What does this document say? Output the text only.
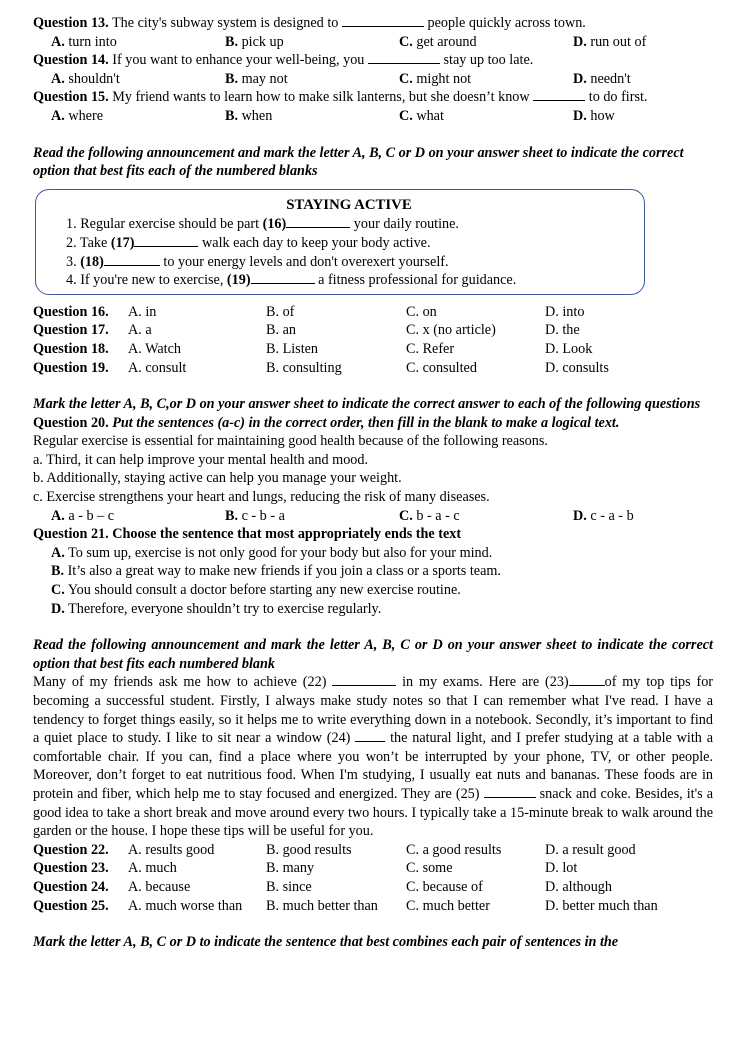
Question 13. The city's subway system is designed to	people quickly across town.
A. turn into	B. pick up	C. get around	D. run out of
Question 14. If you want to enhance your well-being, you	stay up too late.
A. shouldn't	B. may not	C. might not	D. needn't
Question 15. My friend wants to learn how to make silk lanterns, but she doesn’t know	to do first.
A. where	B. when	C. what	D. how
Read the following announcement and mark the letter A, B, C or D on your answer sheet to indicate the correct option that best fits each of the numbered blanks
STAYING ACTIVE
1. Regular exercise should be part (16)	your daily routine.
2. Take (17)	walk each day to keep your body active.
3. (18)	to your energy levels and don't overexert yourself.
4. If you're new to exercise, (19)	a fitness professional for guidance.
Question 16.	A. in	B. of	C. on	D. into
Question 17.	A. a	B. an	C. x (no article)	D. the
Question 18.	A. Watch	B. Listen	C. Refer	D. Look
Question 19.	A. consult	B. consulting	C. consulted	D. consults
Mark the letter A, B, C,or D on your answer sheet to indicate the correct answer to each of the following questions
Question 20. Put the sentences (a-c) in the correct order, then fill in the blank to make a logical text.
Regular exercise is essential for maintaining good health because of the following reasons.
a. Third, it can help improve your mental health and mood.
b. Additionally, staying active can help you manage your weight.
c. Exercise strengthens your heart and lungs, reducing the risk of many diseases.
A. a - b – c	B. c - b - a	C. b - a - c	D. c - a - b
Question 21. Choose the sentence that most appropriately ends the text
A. To sum up, exercise is not only good for your body but also for your mind.
B. It’s also a great way to make new friends if you join a class or a sports team.
C. You should consult a doctor before starting any new exercise routine.
D. Therefore, everyone shouldn’t try to exercise regularly.
Read the following announcement and mark the letter A, B, C or D on your answer sheet to indicate the correct option that best fits each numbered blank
Many of my friends ask me how to achieve (22)	in my exams. Here are (23)	of my top tips for becoming a successful student. Firstly, I always make study notes so that I can remember what I've read. I have a tendency to forget things easily, so it helps me to write everything down in a notebook. Secondly, it’s important to find a quiet place to study. I like to sit near a window (24)	the natural light, and I prefer studying at a table with a comfortable chair. If you can, find a place where you won’t be interrupted by your phone, TV, or other people. Moreover, don’t forget to eat nutritious food. When I'm studying, I usually eat nuts and bananas. These foods are in protein and fiber, which help me to stay focused and energized. They are (25)	snack and coke. Besides, it's a good idea to take a short break and move around every two hours. I typically take a 15-minute break to walk around the garden or the house. I hope these tips will be useful for you.
Question 22.	A. results good	B. good results	C. a good results	D. a result good
Question 23.	A. much	B. many	C. some	D. lot
Question 24.	A. because	B. since	C. because of	D. although
Question 25.	A. much worse than	B. much better than	C. much better	D. better much than
Mark the letter A, B, C or D to indicate the sentence that best combines each pair of sentences in the
